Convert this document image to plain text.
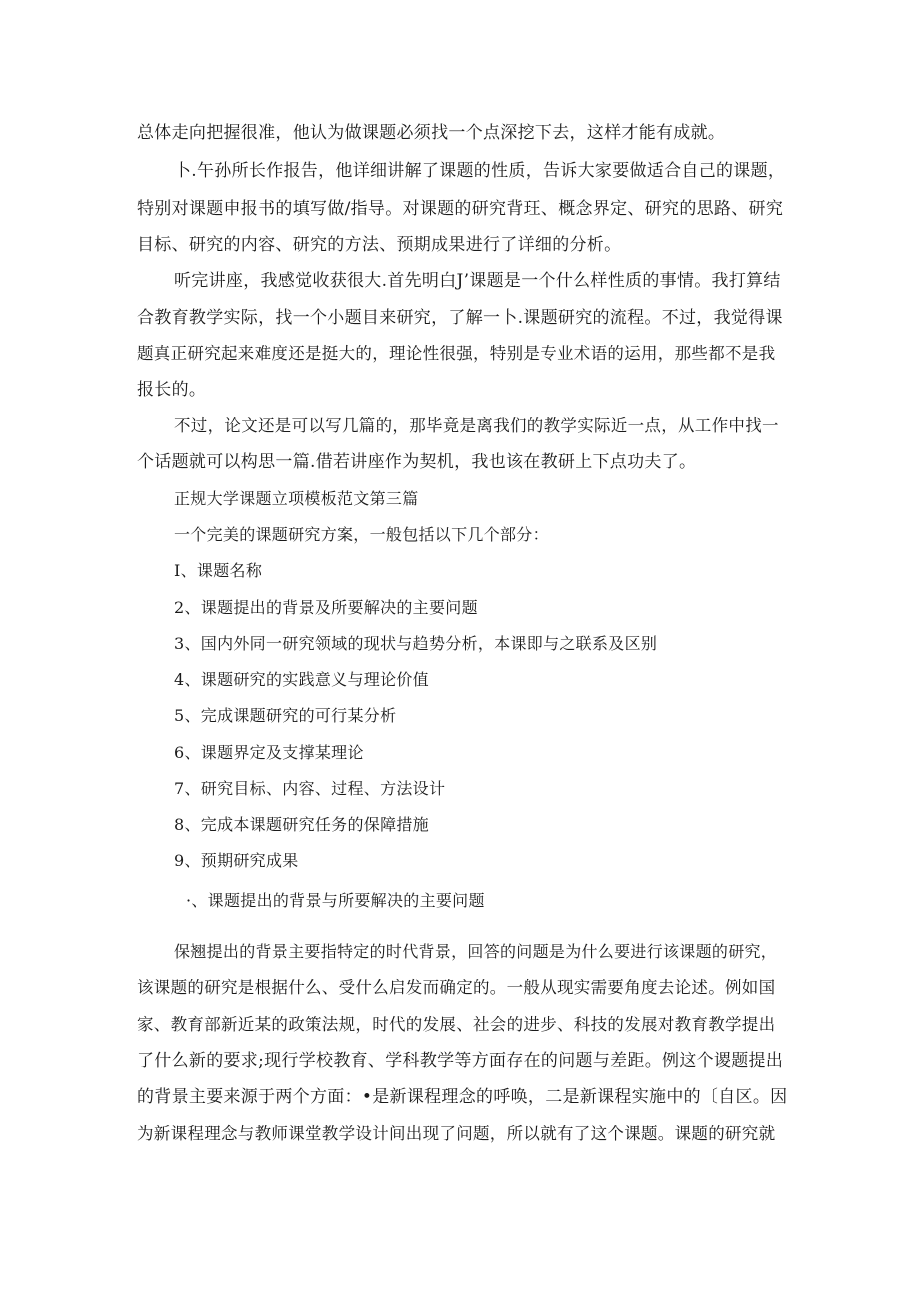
总体走向把握很准，他认为做课题必须找一个点深挖下去，这样才能有成就。
卜.午孙所长作报告，他详细讲解了课题的性质，告诉大家要做适合自己的课题，
特别对课题申报书的填写做/指导。对课题的研究背玨、概念界定、研究的思路、研究
目标、研究的内容、研究的方法、预期成果进行了详细的分析。
听完讲座，我感觉收获很大.首先明白J’课题是一个什么样性质的事情。我打算结
合教育教学实际，找一个小题目来研究，了解一卜.课题研究的流程。不过，我觉得课
题真正研究起来难度还是挺大的，理论性很强，特别是专业术语的运用，那些都不是我
报长的。
不过，论文还是可以写几篇的，那毕竟是离我们的教学实际近一点，从工作中找一
个话题就可以构思一篇.借若讲座作为契机，我也该在教研上下点功夫了。
正规大学课题立项模板范文第三篇
一个完美的课题研究方案，一般包括以下几个部分：
I、课题名称
2、课题提出的背景及所要解决的主要问题
3、国内外同一研究领域的现状与趋势分析，本课即与之联系及区别
4、课题研究的实践意义与理论价值
5、完成课题研究的可行某分析
6、课题界定及支撑某理论
7、研究目标、内容、过程、方法设计
8、完成本课题研究任务的保障措施
9、预期研究成果
·、课题提出的背景与所要解决的主要问题
保翘提出的背景主要指特定的时代背景，回答的问题是为什么要进行该课题的研究，
该课题的研究是根据什么、受什么启发而确定的。一般从现实需要角度去论述。例如国
家、教育部新近某的政策法规，时代的发展、社会的进步、科技的发展对教育教学提出
了什么新的要求;现行学校教育、学科教学等方面存在的问题与差距。例这个谡题提出
的背景主要来源于两个方面：•是新课程理念的呼唤，二是新课程实施中的〔自区。因
为新课程理念与教师课堂教学设计间出现了问题，所以就有了这个课题。课题的研究就
